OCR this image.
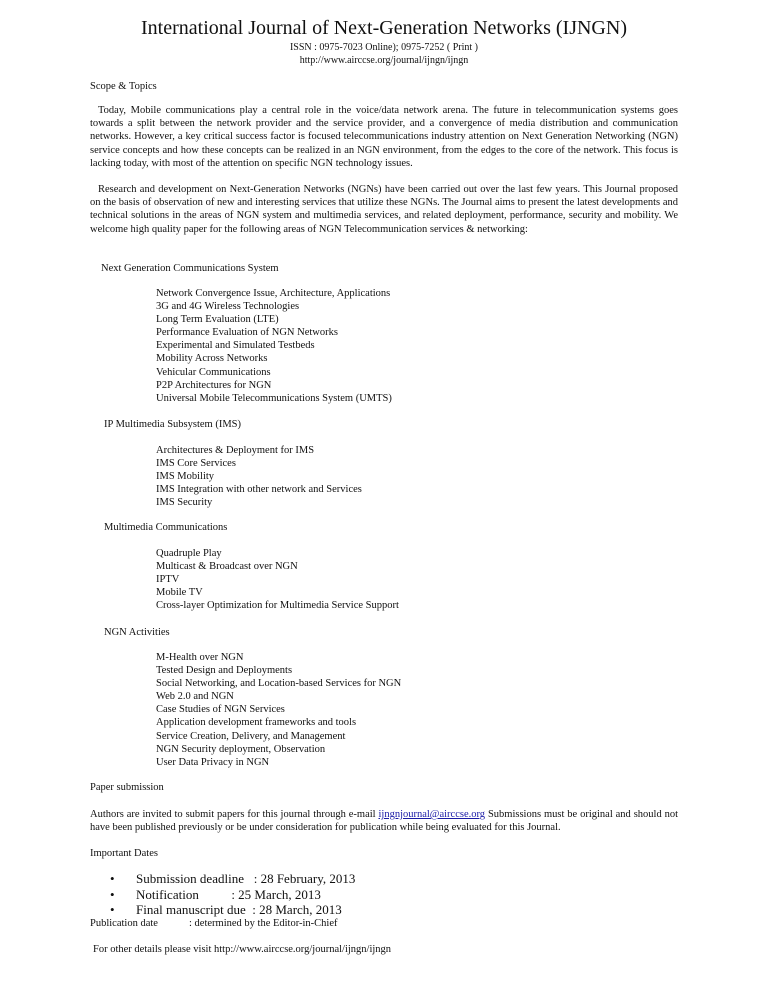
International Journal of Next-Generation Networks (IJNGN)
ISSN : 0975-7023 Online); 0975-7252 ( Print )
http://www.airccse.org/journal/ijngn/ijngn
Scope & Topics

Today, Mobile communications play a central role in the voice/data network arena. The future in telecommunication systems goes towards a split between the network provider and the service provider, and a convergence of media distribution and communication networks. However, a key critical success factor is focused telecommunications industry attention on Next Generation Networking (NGN) service concepts and how these concepts can be realized in an NGN environment, from the edges to the core of the network. This focus is lacking today, with most of the attention on specific NGN technology issues.

Research and development on Next-Generation Networks (NGNs) have been carried out over the last few years. This Journal proposed on the basis of observation of new and interesting services that utilize these NGNs. The Journal aims to present the latest developments and technical solutions in the areas of NGN system and multimedia services, and related deployment, performance, security and mobility. We welcome high quality paper for the following areas of NGN Telecommunication services & networking:

Next Generation Communications System
Network Convergence Issue, Architecture, Applications
3G and 4G Wireless Technologies
Long Term Evaluation (LTE)
Performance Evaluation of NGN Networks
Experimental and Simulated Testbeds
Mobility Across Networks
Vehicular Communications
P2P Architectures for NGN
Universal Mobile Telecommunications System (UMTS)
IP Multimedia Subsystem (IMS)
Architectures & Deployment for IMS
IMS Core Services
IMS Mobility
IMS Integration with other network and Services
IMS Security
Multimedia Communications
Quadruple Play
Multicast & Broadcast over NGN
IPTV
Mobile TV
Cross-layer Optimization for Multimedia Service Support
NGN Activities
M-Health over NGN
Tested Design and Deployments
Social Networking, and Location-based Services for NGN
Web 2.0 and NGN
Case Studies of NGN Services
Application development frameworks and tools
Service Creation, Delivery, and Management
NGN Security deployment, Observation
User Data Privacy in NGN
Paper submission

Authors are invited to submit papers for this journal through e-mail ijngnjournal@airccse.org Submissions must be original and should not have been published previously or be under consideration for publication while being evaluated for this Journal.

Important Dates
• Submission deadline   : 28 February, 2013
• Notification          : 25 March, 2013
• Final manuscript due  : 28 March, 2013
Publication date	: determined by the Editor-in-Chief
For other details please visit http://www.airccse.org/journal/ijngn/ijngn
